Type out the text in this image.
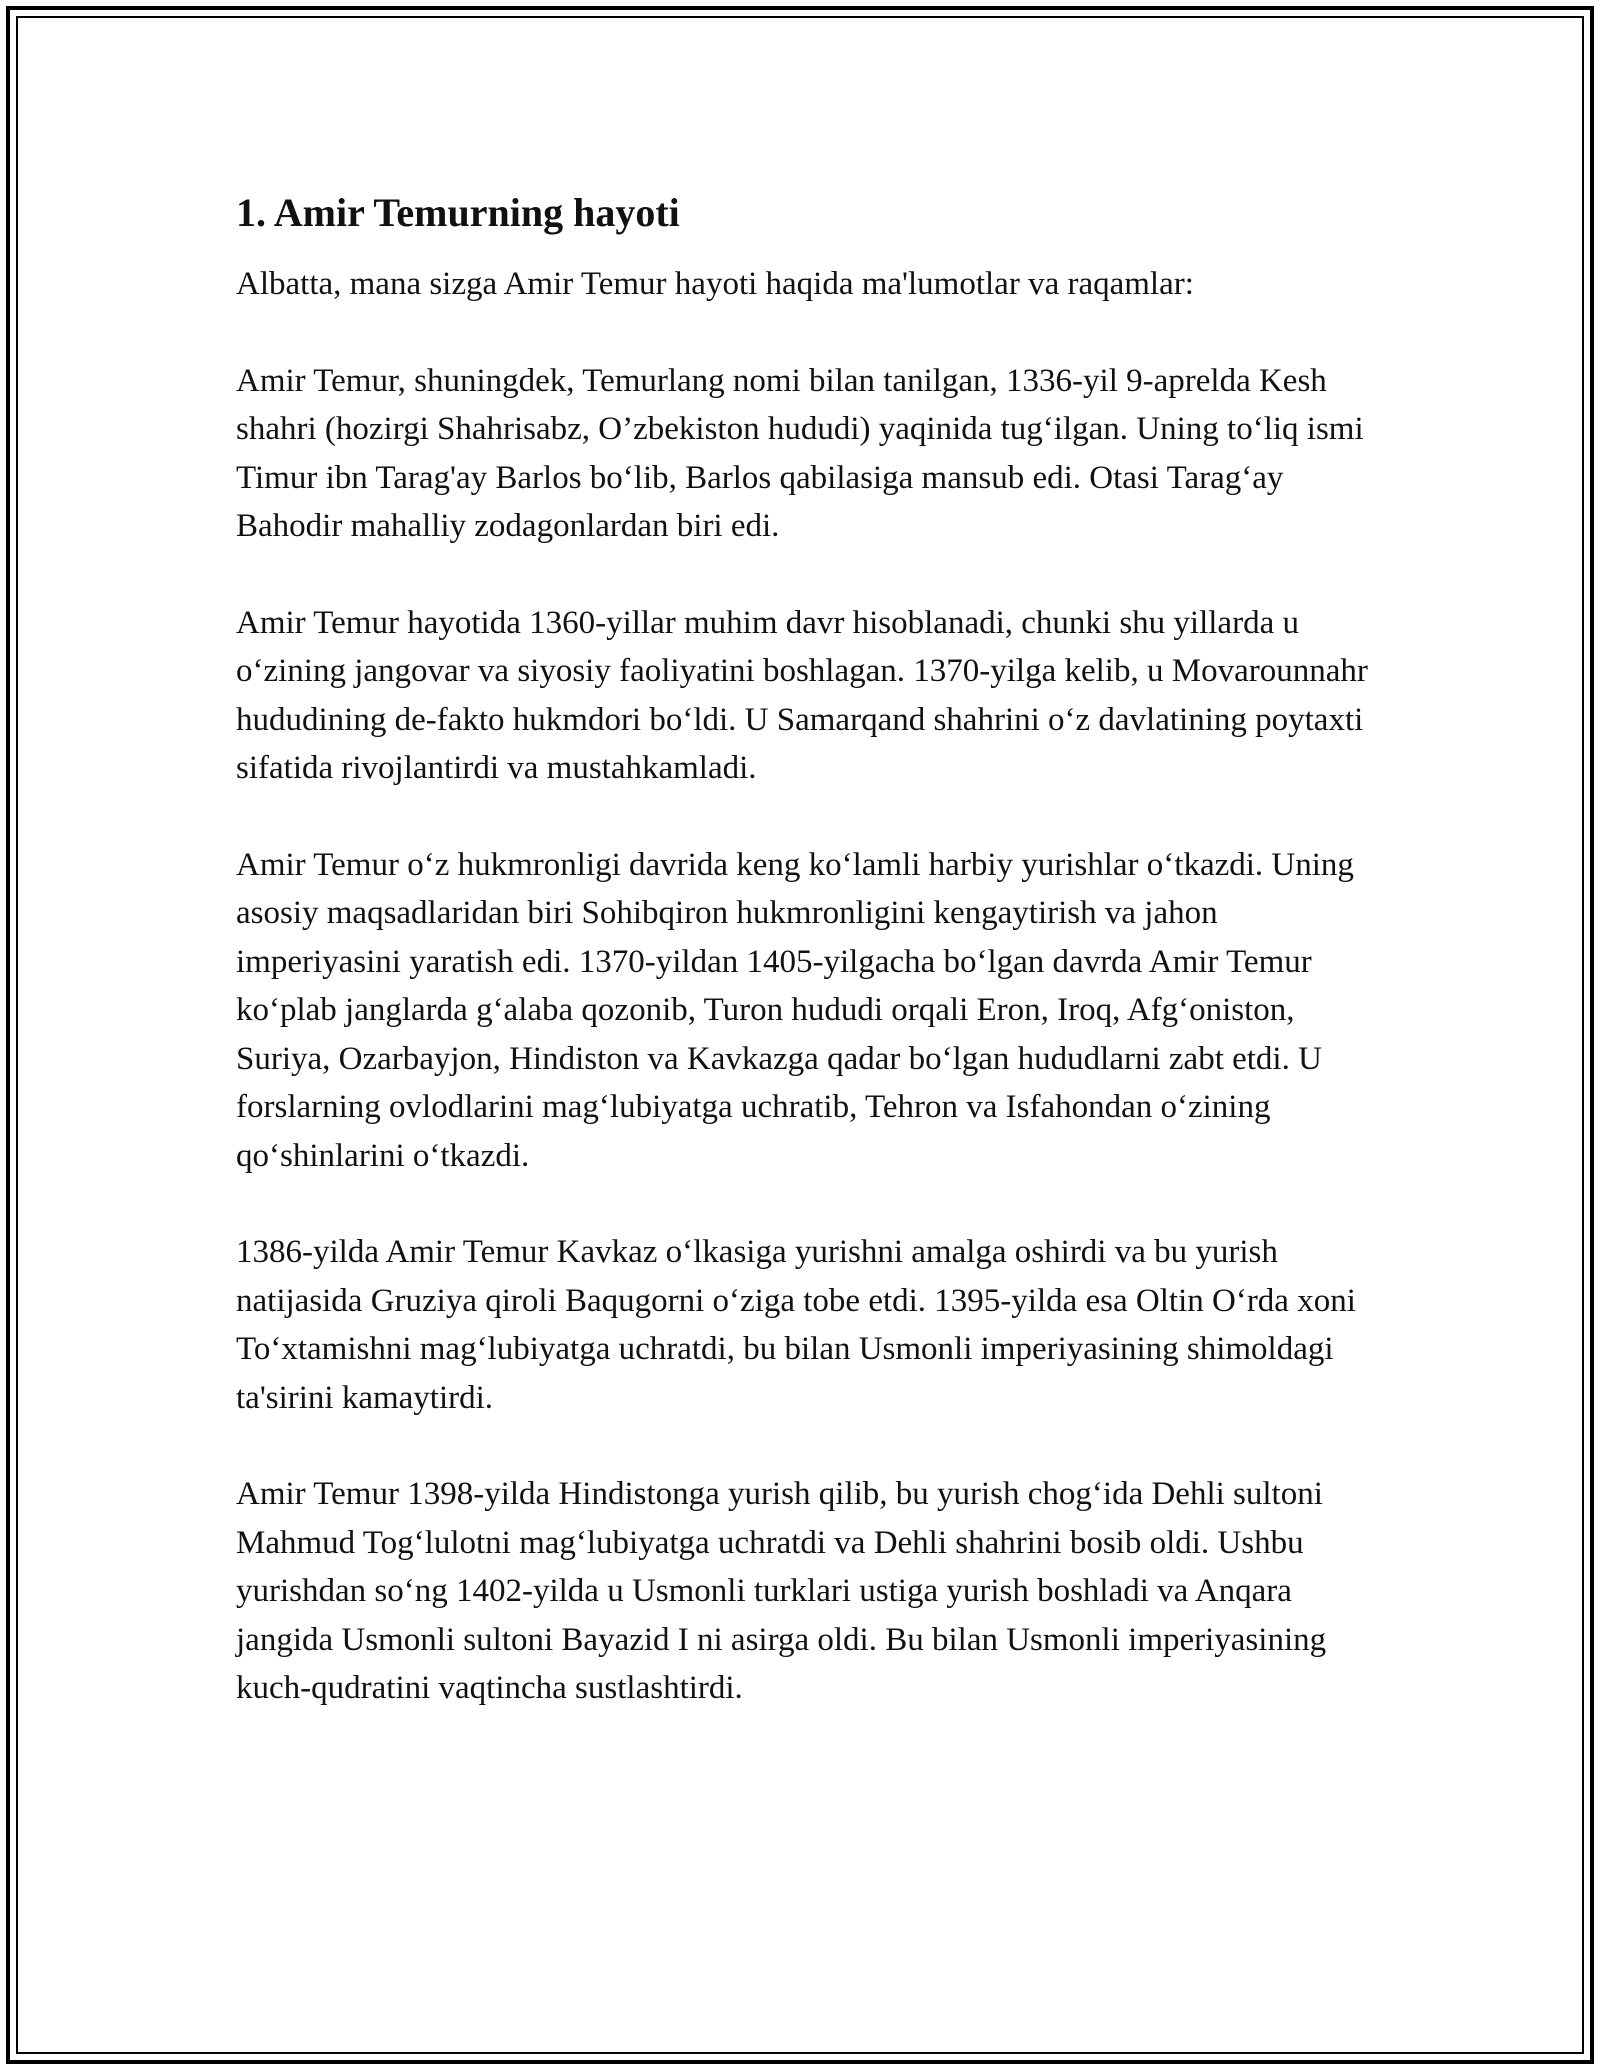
1. Amir Temurning hayoti

Albatta, mana sizga Amir Temur hayoti haqida ma'lumotlar va raqamlar:

Amir Temur, shuningdek, Temurlang nomi bilan tanilgan, 1336-yil 9-aprelda Kesh shahri (hozirgi Shahrisabz, O’zbekiston hududi) yaqinida tug‘ilgan. Uning to‘liq ismi Timur ibn Tarag'ay Barlos bo‘lib, Barlos qabilasiga mansub edi. Otasi Tarag‘ay Bahodir mahalliy zodagonlardan biri edi.

Amir Temur hayotida 1360-yillar muhim davr hisoblanadi, chunki shu yillarda u o‘zining jangovar va siyosiy faoliyatini boshlagan. 1370-yilga kelib, u Movarounnahr hududining de-fakto hukmdori bo‘ldi. U Samarqand shahrini o‘z davlatining poytaxti sifatida rivojlantirdi va mustahkamladi.

Amir Temur o‘z hukmronligi davrida keng ko‘lamli harbiy yurishlar o‘tkazdi. Uning asosiy maqsadlaridan biri Sohibqiron hukmronligini kengaytirish va jahon imperiyasini yaratish edi. 1370-yildan 1405-yilgacha bo‘lgan davrda Amir Temur ko‘plab janglarda g‘alaba qozonib, Turon hududi orqali Eron, Iroq, Afg‘oniston, Suriya, Ozarbayjon, Hindiston va Kavkazga qadar bo‘lgan hududlarni zabt etdi. U forslarning ovlodlarini mag‘lubiyatga uchratib, Tehron va Isfahondan o‘zining qo‘shinlarini o‘tkazdi.

1386-yilda Amir Temur Kavkaz o‘lkasiga yurishni amalga oshirdi va bu yurish natijasida Gruziya qiroli Baqugorni o‘ziga tobe etdi. 1395-yilda esa Oltin O‘rda xoni To‘xtamishni mag‘lubiyatga uchratdi, bu bilan Usmonli imperiyasining shimoldagi ta'sirini kamaytirdi.

Amir Temur 1398-yilda Hindistonga yurish qilib, bu yurish chog‘ida Dehli sultoni Mahmud Tog‘lulotni mag‘lubiyatga uchratdi va Dehli shahrini bosib oldi. Ushbu yurishdan so‘ng 1402-yilda u Usmonli turklari ustiga yurish boshladi va Anqara jangida Usmonli sultoni Bayazid I ni asirga oldi. Bu bilan Usmonli imperiyasining kuch-qudratini vaqtincha sustlashtirdi.
